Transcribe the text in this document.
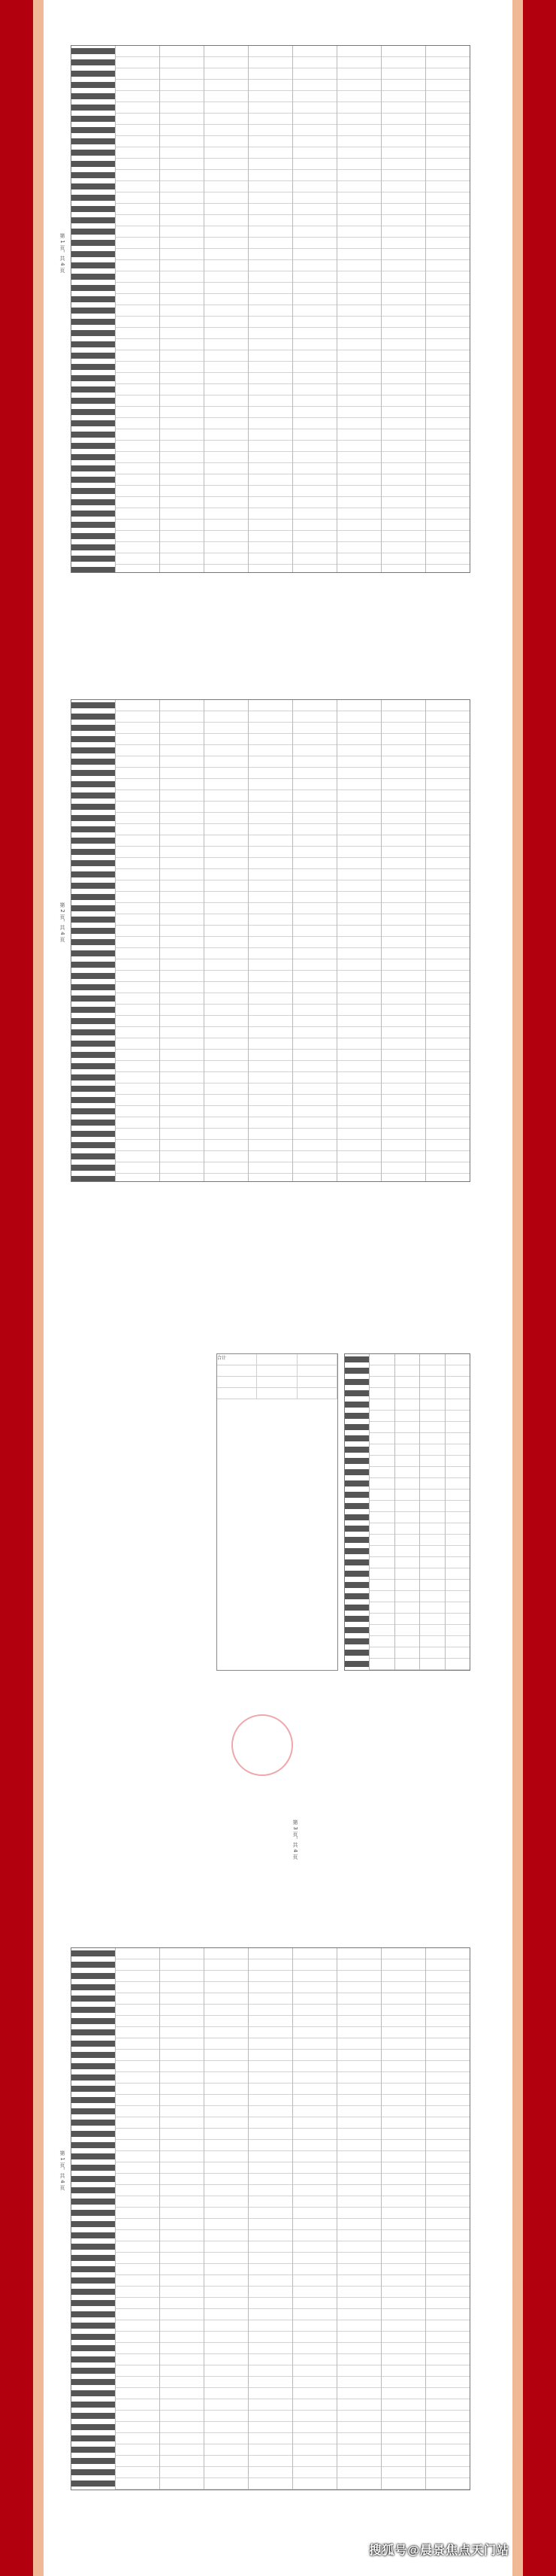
第 1 页，共 4 页
第 2 页，共 4 页
合计
第 3 页，共 4 页
第 1 页，共 4 页
搜狐号@晨景焦点天门站
